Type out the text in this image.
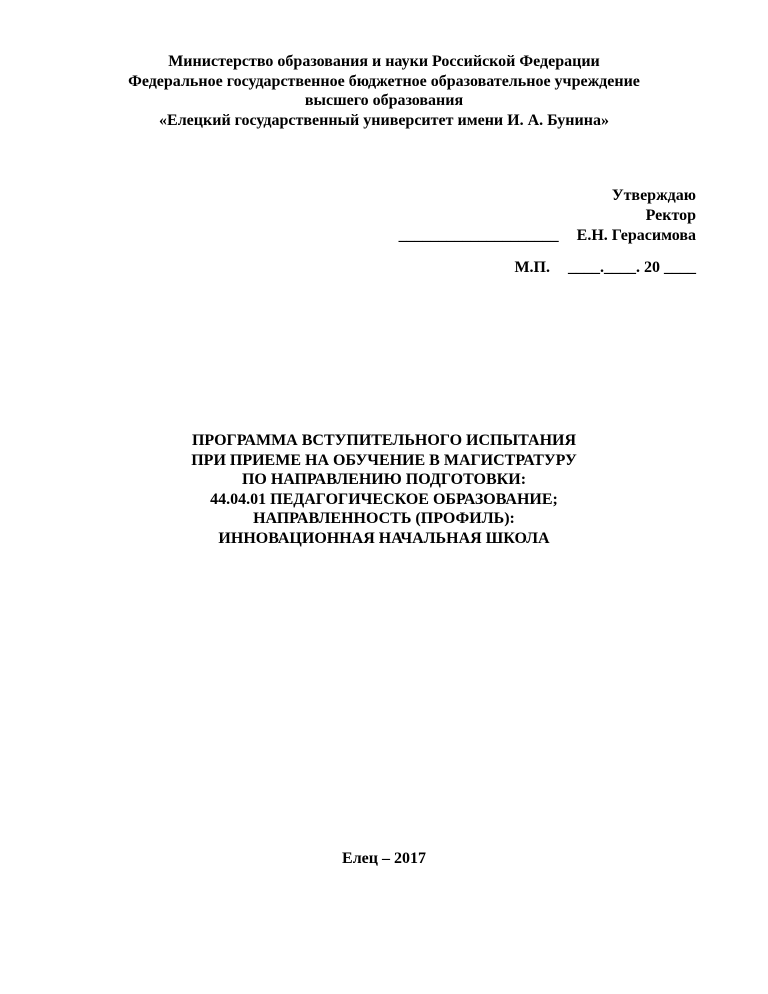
Министерство образования и науки Российской Федерации
Федеральное государственное бюджетное образовательное учреждение
высшего образования
«Елецкий государственный университет имени И. А. Бунина»
Утверждаю
Ректор
____________________ Е.Н. Герасимова
М.П. ____.____. 20 ____
ПРОГРАММА ВСТУПИТЕЛЬНОГО ИСПЫТАНИЯ
ПРИ ПРИЕМЕ НА ОБУЧЕНИЕ В МАГИСТРАТУРУ
ПО НАПРАВЛЕНИЮ ПОДГОТОВКИ:
44.04.01 ПЕДАГОГИЧЕСКОЕ ОБРАЗОВАНИЕ;
НАПРАВЛЕННОСТЬ (ПРОФИЛЬ):
ИННОВАЦИОННАЯ НАЧАЛЬНАЯ ШКОЛА
Елец – 2017
